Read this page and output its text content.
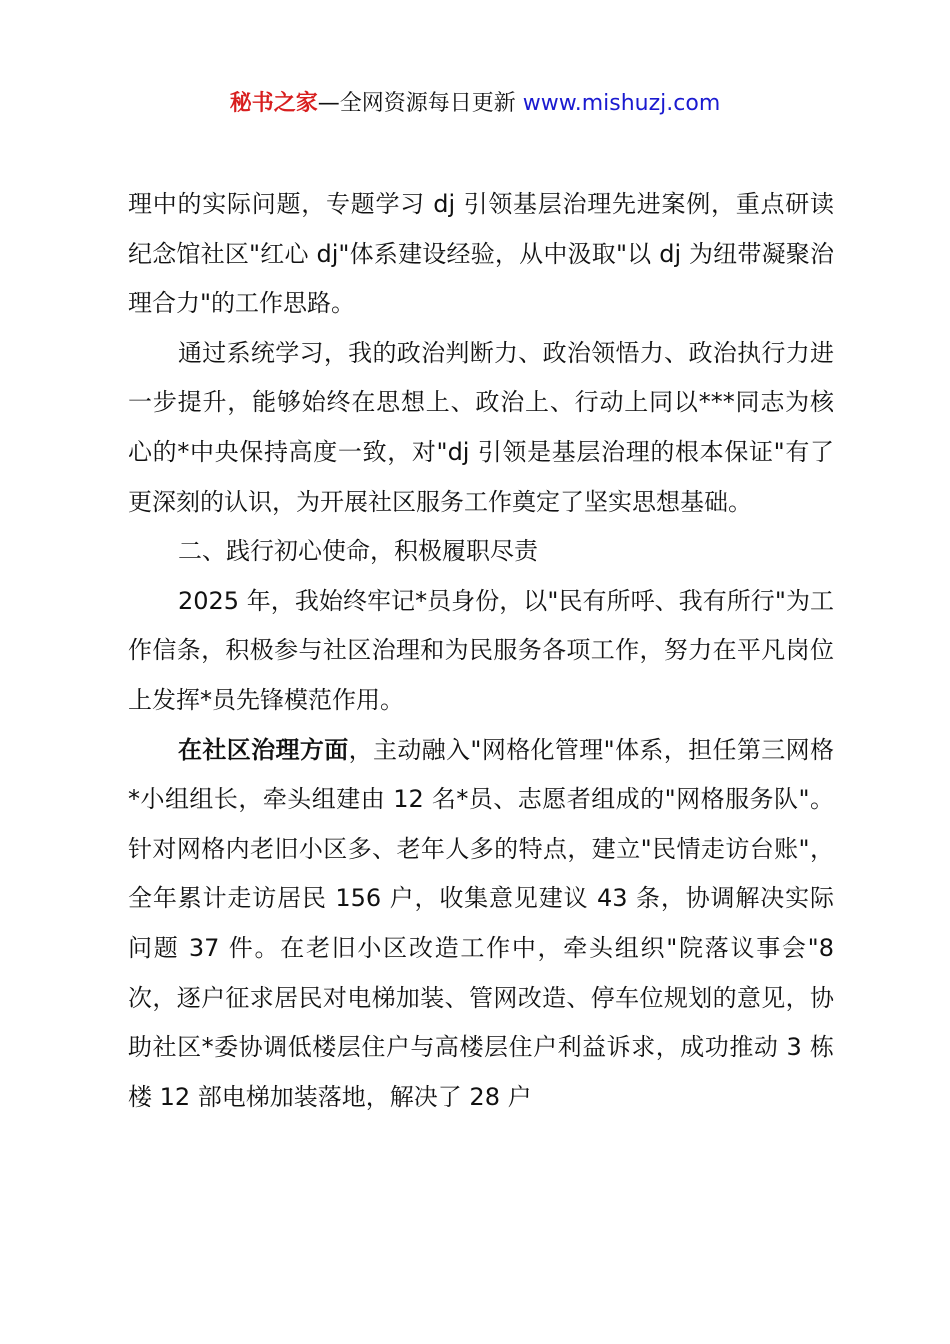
秘书之家—全网资源每日更新 www.mishuzj.com

理中的实际问题，专题学习 dj 引领基层治理先进案例，重点研读纪念馆社区"红心 dj"体系建设经验，从中汲取"以 dj 为纽带凝聚治理合力"的工作思路。

通过系统学习，我的政治判断力、政治领悟力、政治执行力进一步提升，能够始终在思想上、政治上、行动上同以***同志为核心的*中央保持高度一致，对"dj 引领是基层治理的根本保证"有了更深刻的认识，为开展社区服务工作奠定了坚实思想基础。

二、践行初心使命，积极履职尽责

2025 年，我始终牢记*员身份，以"民有所呼、我有所行"为工作信条，积极参与社区治理和为民服务各项工作，努力在平凡岗位上发挥*员先锋模范作用。

在社区治理方面，主动融入"网格化管理"体系，担任第三网格*小组组长，牵头组建由 12 名*员、志愿者组成的"网格服务队"。针对网格内老旧小区多、老年人多的特点，建立"民情走访台账"，全年累计走访居民 156 户，收集意见建议 43 条，协调解决实际问题 37 件。在老旧小区改造工作中，牵头组织"院落议事会"8 次，逐户征求居民对电梯加装、管网改造、停车位规划的意见，协助社区*委协调低楼层住户与高楼层住户利益诉求，成功推动 3 栋楼 12 部电梯加装落地，解决了 28 户
